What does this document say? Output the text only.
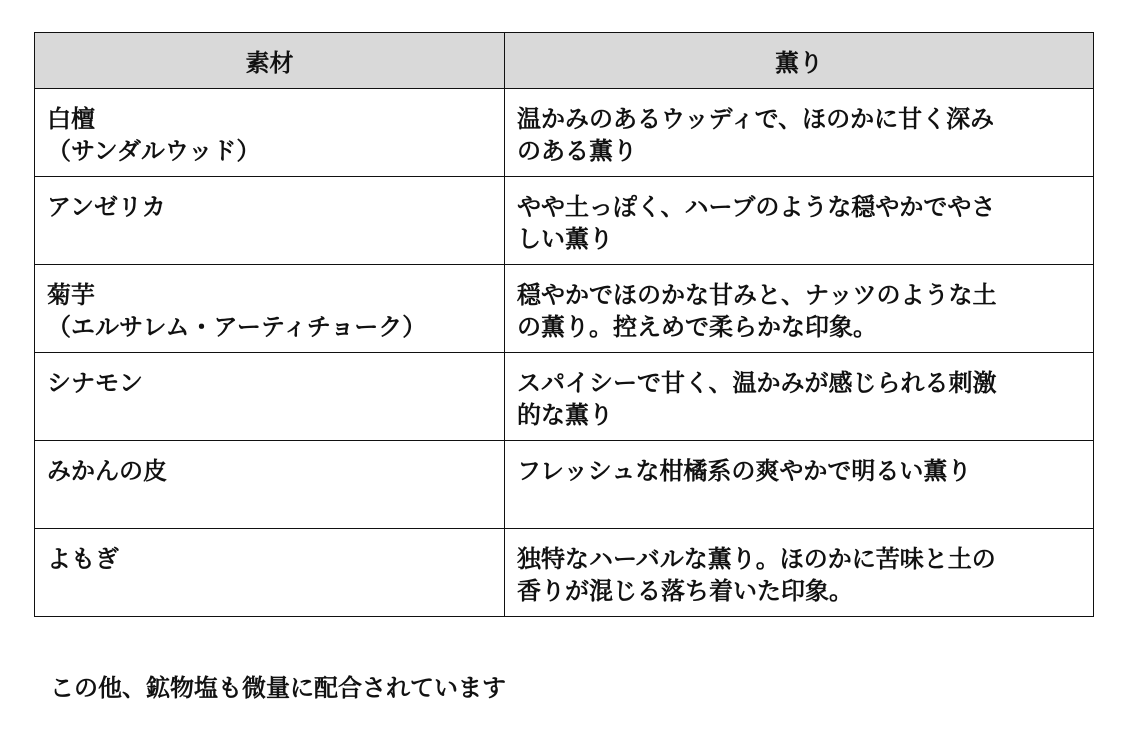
素材	薫り

白檀
（サンダルウッド）	温かみのあるウッディで、ほのかに甘く深み
のある薫り

アンゼリカ	やや土っぽく、ハーブのような穏やかでやさ
しい薫り

菊芋
（エルサレム・アーティチョーク）	穏やかでほのかな甘みと、ナッツのような土
の薫り。控えめで柔らかな印象。

シナモン	スパイシーで甘く、温かみが感じられる刺激
的な薫り

みかんの皮	フレッシュな柑橘系の爽やかで明るい薫り

よもぎ	独特なハーバルな薫り。ほのかに苦味と土の
香りが混じる落ち着いた印象。
この他、鉱物塩も微量に配合されています
